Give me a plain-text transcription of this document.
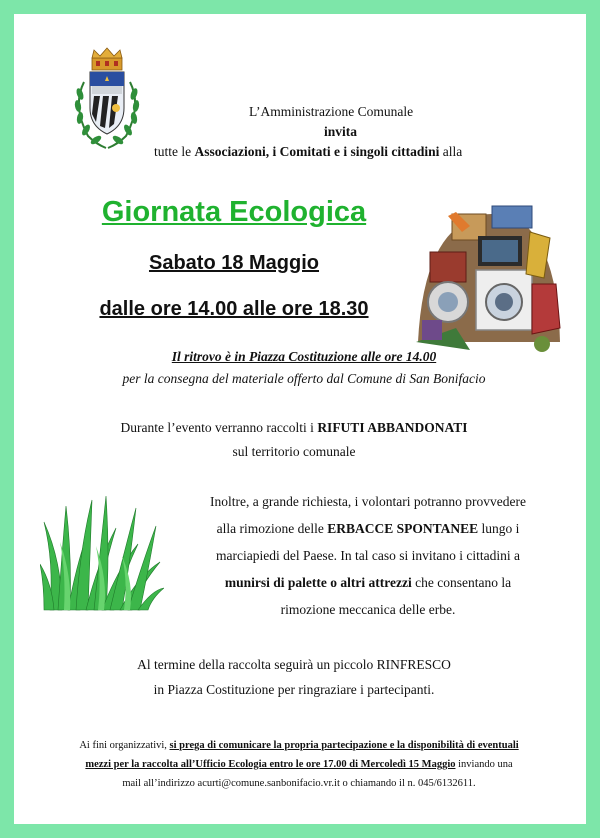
L’Amministrazione Comunale
invita
tutte le Associazioni, i Comitati e i singoli cittadini alla
Giornata Ecologica
Sabato 18 Maggio
dalle ore 14.00 alle ore 18.30
Il ritrovo è in Piazza Costituzione alle ore 14.00
per la consegna del materiale offerto dal Comune di San Bonifacio
Durante l’evento verranno raccolti i RIFUTI ABBANDONATI
sul territorio comunale
Inoltre, a grande richiesta, i volontari potranno provvedere
alla rimozione delle ERBACCE SPONTANEE lungo i
marciapiedi del Paese. In tal caso si invitano i cittadini a
munirsi di palette o altri attrezzi che consentano la
rimozione meccanica delle erbe.
Al termine della raccolta seguirà un piccolo RINFRESCO
in Piazza Costituzione per ringraziare i partecipanti.
Ai fini organizzativi, si prega di comunicare la propria partecipazione e la disponibilità di eventuali
mezzi per la raccolta all’Ufficio Ecologia entro le ore 17.00 di Mercoledì 15 Maggio inviando una
mail all’indirizzo acurti@comune.sanbonifacio.vr.it o chiamando il n. 045/6132611.
